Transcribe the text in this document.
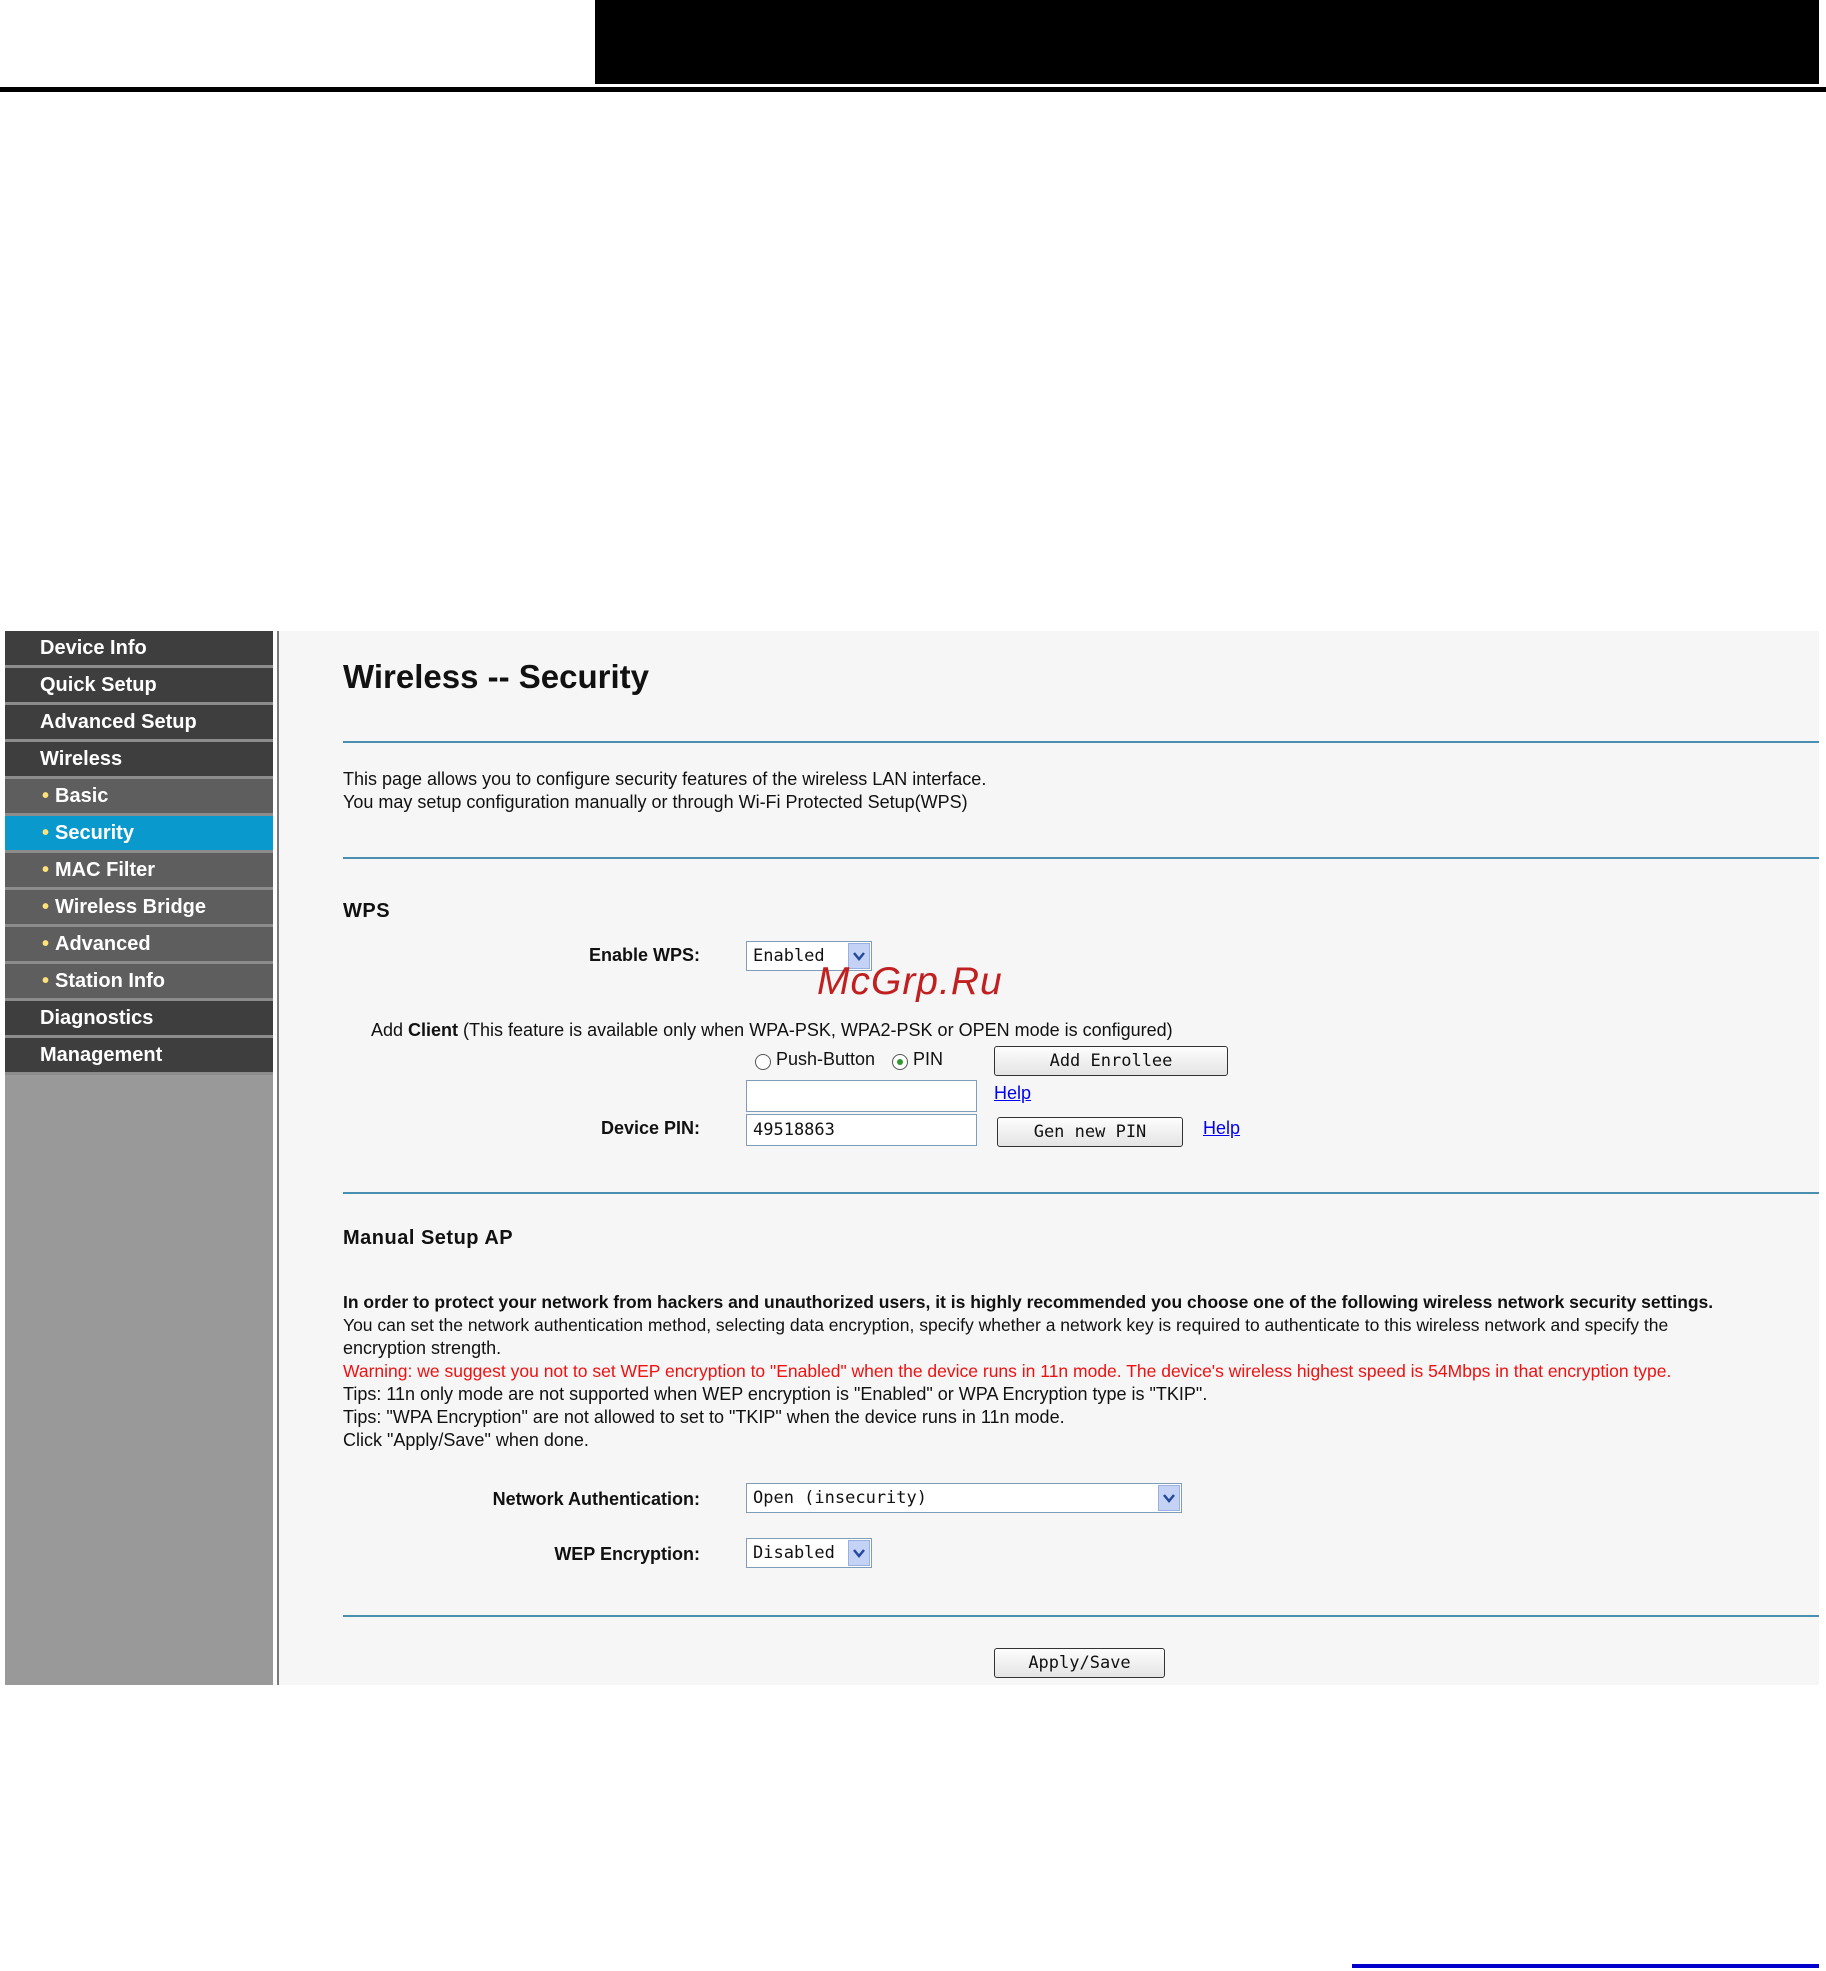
Device Info
Quick Setup
Advanced Setup
Wireless
• Basic
• Security
• MAC Filter
• Wireless Bridge
• Advanced
• Station Info
Diagnostics
Management
Wireless -- Security
This page allows you to configure security features of the wireless LAN interface.
You may setup configuration manually or through Wi-Fi Protected Setup(WPS)
WPS
Enable WPS:	Enabled
Add Client (This feature is available only when WPA-PSK, WPA2-PSK or OPEN mode is configured)
Push-Button PIN	Add Enrollee
Help
Device PIN:	49518863	Gen new PIN	Help
Manual Setup AP
In order to protect your network from hackers and unauthorized users, it is highly recommended you choose one of the following wireless network security settings.
You can set the network authentication method, selecting data encryption, specify whether a network key is required to authenticate to this wireless network and specify the
encryption strength.
Warning: we suggest you not to set WEP encryption to "Enabled" when the device runs in 11n mode. The device's wireless highest speed is 54Mbps in that encryption type.
Tips: 11n only mode are not supported when WEP encryption is "Enabled" or WPA Encryption type is "TKIP".
Tips: "WPA Encryption" are not allowed to set to "TKIP" when the device runs in 11n mode.
Click "Apply/Save" when done.
Network Authentication:	Open (insecurity)
WEP Encryption:	Disabled
Apply/Save
McGrp.Ru
